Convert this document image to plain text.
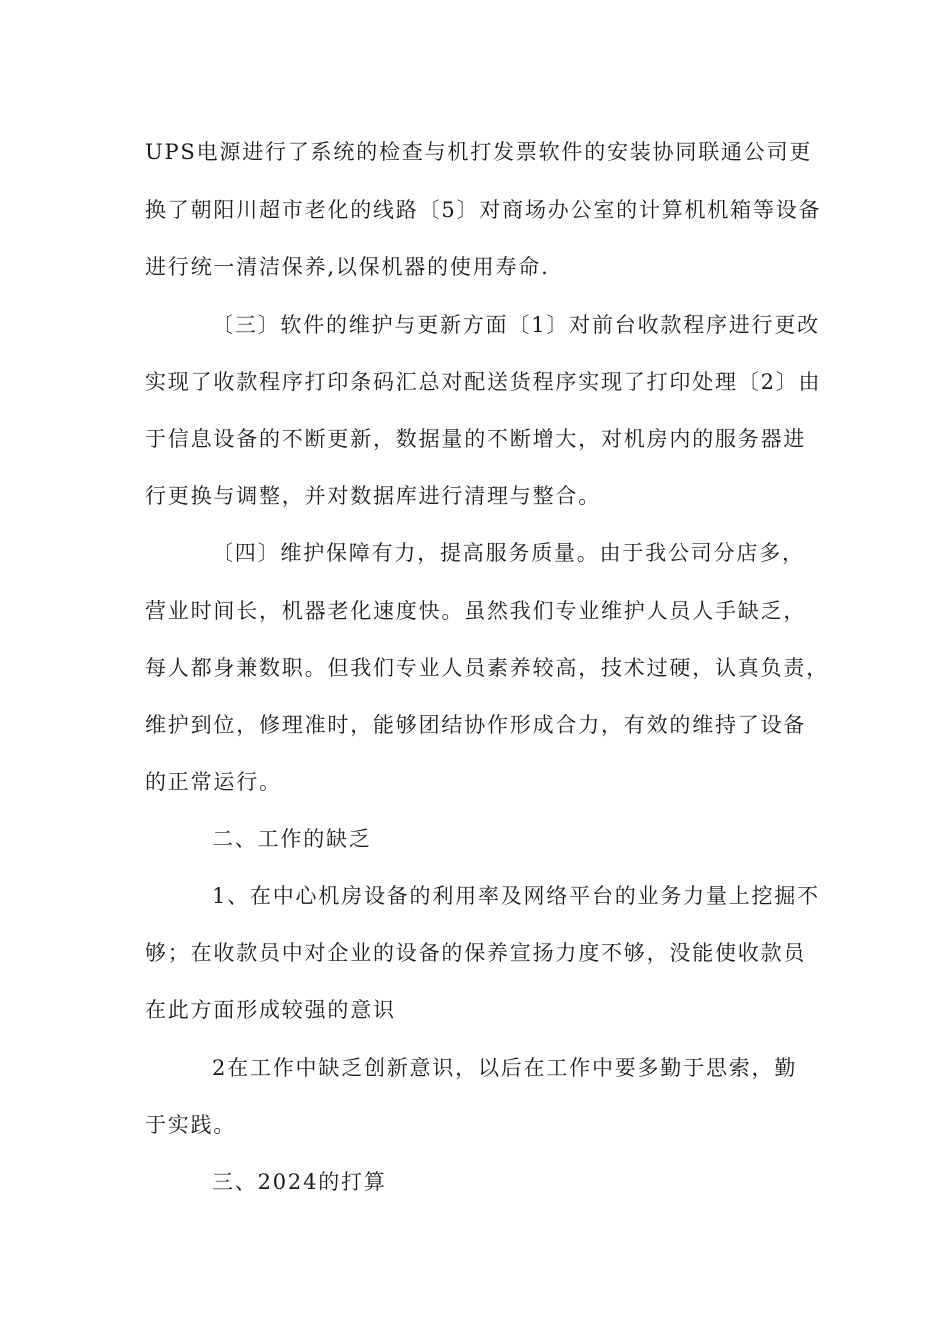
UPS电源进行了系统的检查与机打发票软件的安装协同联通公司更
换了朝阳川超市老化的线路〔5〕对商场办公室的计算机机箱等设备
进行统一清洁保养,以保机器的使用寿命.
〔三〕软件的维护与更新方面〔1〕对前台收款程序进行更改
实现了收款程序打印条码汇总对配送货程序实现了打印处理〔2〕由
于信息设备的不断更新，数据量的不断增大，对机房内的服务器进
行更换与调整，并对数据库进行清理与整合。
〔四〕维护保障有力，提高服务质量。由于我公司分店多，
营业时间长，机器老化速度快。虽然我们专业维护人员人手缺乏，
每人都身兼数职。但我们专业人员素养较高，技术过硬，认真负责，
维护到位，修理准时，能够团结协作形成合力，有效的维持了设备
的正常运行。
二、工作的缺乏
1、在中心机房设备的利用率及网络平台的业务力量上挖掘不
够；在收款员中对企业的设备的保养宣扬力度不够，没能使收款员
在此方面形成较强的意识
2在工作中缺乏创新意识，以后在工作中要多勤于思索，勤
于实践。
三、2024的打算
